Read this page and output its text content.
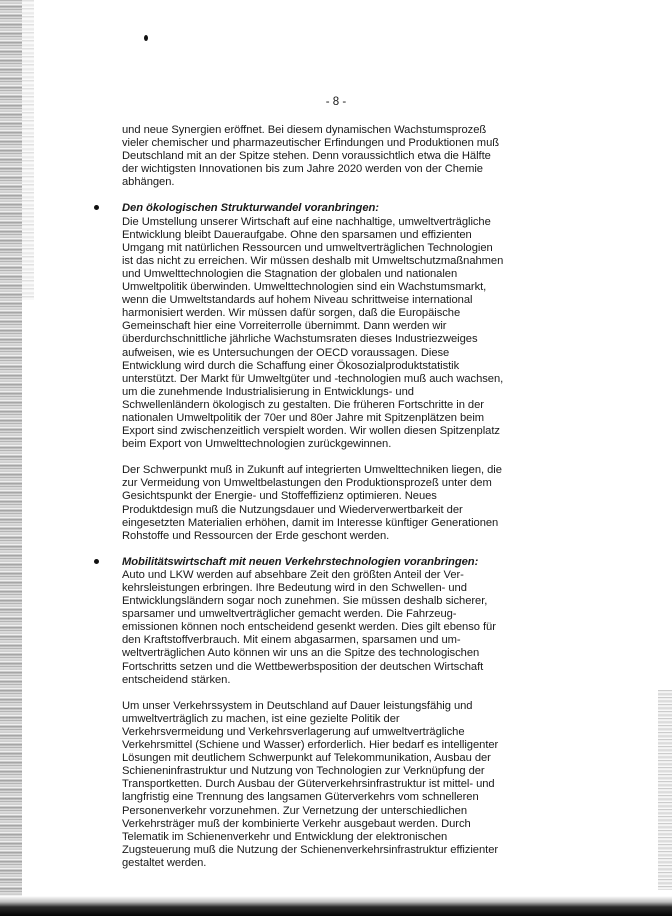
- 8 -

und neue Synergien eröffnet. Bei diesem dynamischen Wachstumsprozeß
vieler chemischer und pharmazeutischer Erfindungen und Produktionen muß
Deutschland mit an der Spitze stehen. Denn voraussichtlich etwa die Hälfte
der wichtigsten Innovationen bis zum Jahre 2020 werden von der Chemie
abhängen.

Den ökologischen Strukturwandel voranbringen:

Die Umstellung unserer Wirtschaft auf eine nachhaltige, umweltverträgliche
Entwicklung bleibt Daueraufgabe. Ohne den sparsamen und effizienten
Umgang mit natürlichen Ressourcen und umweltverträglichen Technologien
ist das nicht zu erreichen. Wir müssen deshalb mit Umweltschutzmaßnahmen
und Umwelttechnologien die Stagnation der globalen und nationalen
Umweltpolitik überwinden. Umwelttechnologien sind ein Wachstumsmarkt,
wenn die Umweltstandards auf hohem Niveau schrittweise international
harmonisiert werden. Wir müssen dafür sorgen, daß die Europäische
Gemeinschaft hier eine Vorreiterrolle übernimmt. Dann werden wir
überdurchschnittliche jährliche Wachstumsraten dieses Industriezweiges
aufweisen, wie es Untersuchungen der OECD voraussagen. Diese
Entwicklung wird durch die Schaffung einer Ökosozialproduktstatistik
unterstützt. Der Markt für Umweltgüter und -technologien muß auch wachsen,
um die zunehmende Industrialisierung in Entwicklungs- und
Schwellenländern ökologisch zu gestalten. Die früheren Fortschritte in der
nationalen Umweltpolitik der 70er und 80er Jahre mit Spitzenplätzen beim
Export sind zwischenzeitlich verspielt worden. Wir wollen diesen Spitzenplatz
beim Export von Umwelttechnologien zurückgewinnen.

Der Schwerpunkt muß in Zukunft auf integrierten Umwelttechniken liegen, die
zur Vermeidung von Umweltbelastungen den Produktionsprozeß unter dem
Gesichtspunkt der Energie- und Stoffeffizienz optimieren. Neues
Produktdesign muß die Nutzungsdauer und Wiederverwertbarkeit der
eingesetzten Materialien erhöhen, damit im Interesse künftiger Generationen
Rohstoffe und Ressourcen der Erde geschont werden.

Mobilitätswirtschaft mit neuen Verkehrstechnologien voranbringen:

Auto und LKW werden auf absehbare Zeit den größten Anteil der Ver-
kehrsleistungen erbringen. Ihre Bedeutung wird in den Schwellen- und
Entwicklungsländern sogar noch zunehmen. Sie müssen deshalb sicherer,
sparsamer und umweltverträglicher gemacht werden. Die Fahrzeug-
emissionen können noch entscheidend gesenkt werden. Dies gilt ebenso für
den Kraftstoffverbrauch. Mit einem abgasarmen, sparsamen und um-
weltverträglichen Auto können wir uns an die Spitze des technologischen
Fortschritts setzen und die Wettbewerbsposition der deutschen Wirtschaft
entscheidend stärken.

Um unser Verkehrssystem in Deutschland auf Dauer leistungsfähig und
umweltverträglich zu machen, ist eine gezielte Politik der
Verkehrsvermeidung und Verkehrsverlagerung auf umweltverträgliche
Verkehrsmittel (Schiene und Wasser) erforderlich. Hier bedarf es intelligenter
Lösungen mit deutlichem Schwerpunkt auf Telekommunikation, Ausbau der
Schieneninfrastruktur und Nutzung von Technologien zur Verknüpfung der
Transportketten. Durch Ausbau der Güterverkehrsinfrastruktur ist mittel- und
langfristig eine Trennung des langsamen Güterverkehrs vom schnelleren
Personenverkehr vorzunehmen. Zur Vernetzung der unterschiedlichen
Verkehrsträger muß der kombinierte Verkehr ausgebaut werden. Durch
Telematik im Schienenverkehr und Entwicklung der elektronischen
Zugsteuerung muß die Nutzung der Schienenverkehrsinfrastruktur effizienter
gestaltet werden.
